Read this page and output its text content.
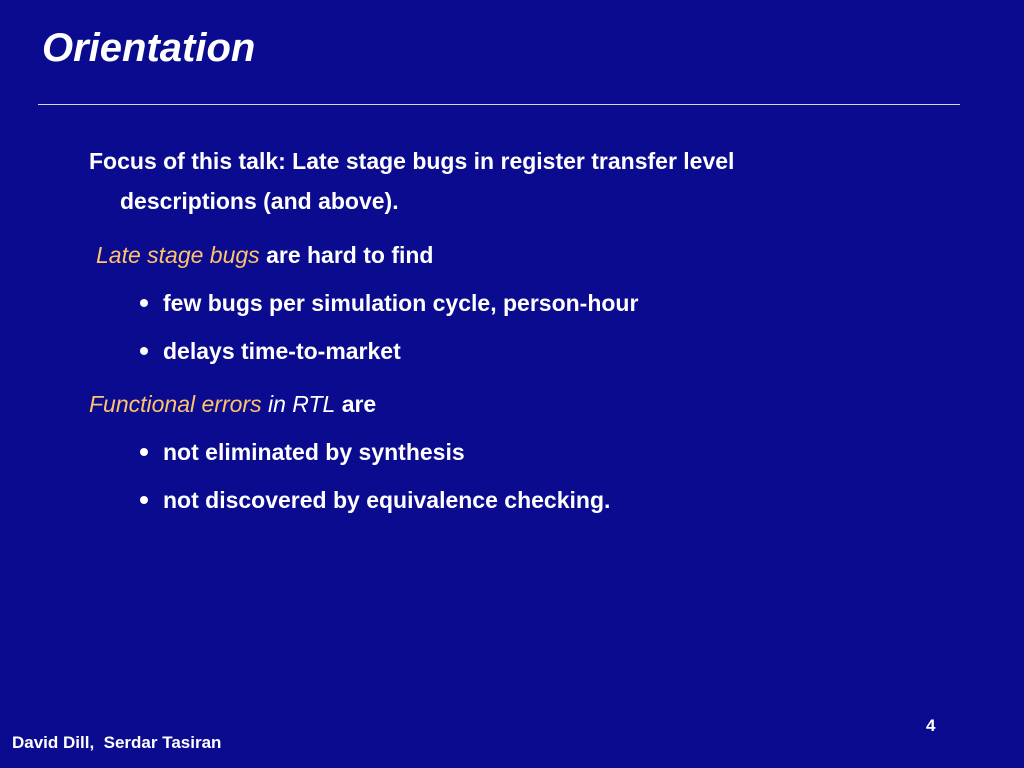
Orientation
Focus of this talk: Late stage bugs in register transfer level
descriptions (and above).
Late stage bugs are hard to find
few bugs per simulation cycle, person-hour
delays time-to-market
Functional errors in RTL are
not eliminated by synthesis
not discovered by equivalence checking.
4
David Dill,  Serdar Tasiran
